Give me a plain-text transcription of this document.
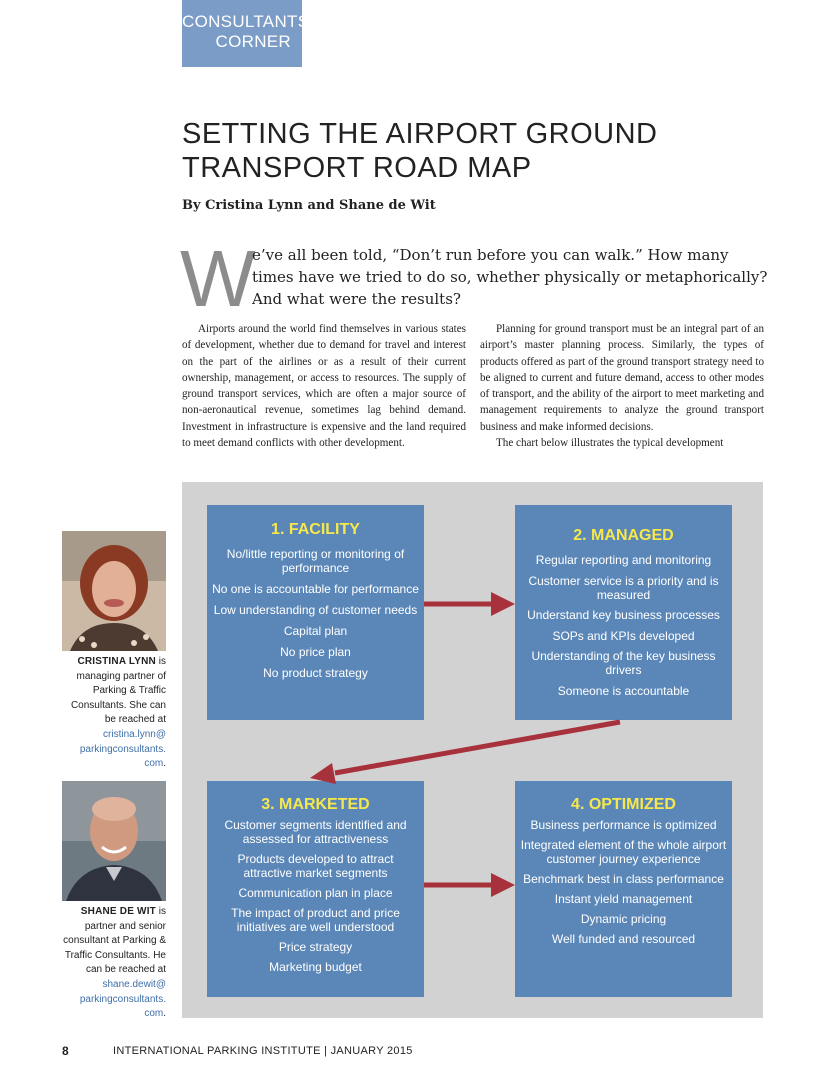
CONSULTANTS
CORNER
SETTING THE AIRPORT GROUND TRANSPORT ROAD MAP
By Cristina Lynn and Shane de Wit
W
e’ve all been told, “Don’t run before you can walk.” How many times have we tried to do so, whether physically or metaphorically? And what were the results?

Airports around the world find themselves in various states of development, whether due to demand for travel and interest on the part of the airlines or as a result of their current ownership, management, or access to resources. The supply of ground transport services, which are often a major source of non-aeronautical revenue, sometimes lag behind demand. Investment in infrastructure is expensive and the land required to meet demand conflicts with other development.

Planning for ground transport must be an integral part of an airport’s master planning process. Similarly, the types of products offered as part of the ground transport strategy need to be aligned to current and future demand, access to other modes of transport, and the ability of the airport to meet marketing and management requirements to analyze the ground transport business and make informed decisions.

The chart below illustrates the typical development

1. FACILITY
No/little reporting or monitoring of performance
No one is accountable for performance
Low understanding of customer needs
Capital plan
No price plan
No product strategy
2. MANAGED
Regular reporting and monitoring
Customer service is a priority and is measured
Understand key business processes
SOPs and KPIs developed
Understanding of the key business drivers
Someone is accountable
3. MARKETED
Customer segments identified and assessed for attractiveness
Products developed to attract attractive market segments
Communication plan in place
The impact of product and price initiatives are well understood
Price strategy
Marketing budget
4. OPTIMIZED
Business performance is optimized
Integrated element of the whole airport customer journey experience
Benchmark best in class performance
Instant yield management
Dynamic pricing
Well funded and resourced
CRISTINA LYNN is managing partner of Parking & Traffic Consultants. She can be reached at cristina.lynn@
parkingconsultants.
com.
SHANE DE WIT is partner and senior consultant at Parking & Traffic Consultants. He can be reached at shane.dewit@
parkingconsultants.
com.
8	INTERNATIONAL PARKING INSTITUTE | JANUARY 2015
